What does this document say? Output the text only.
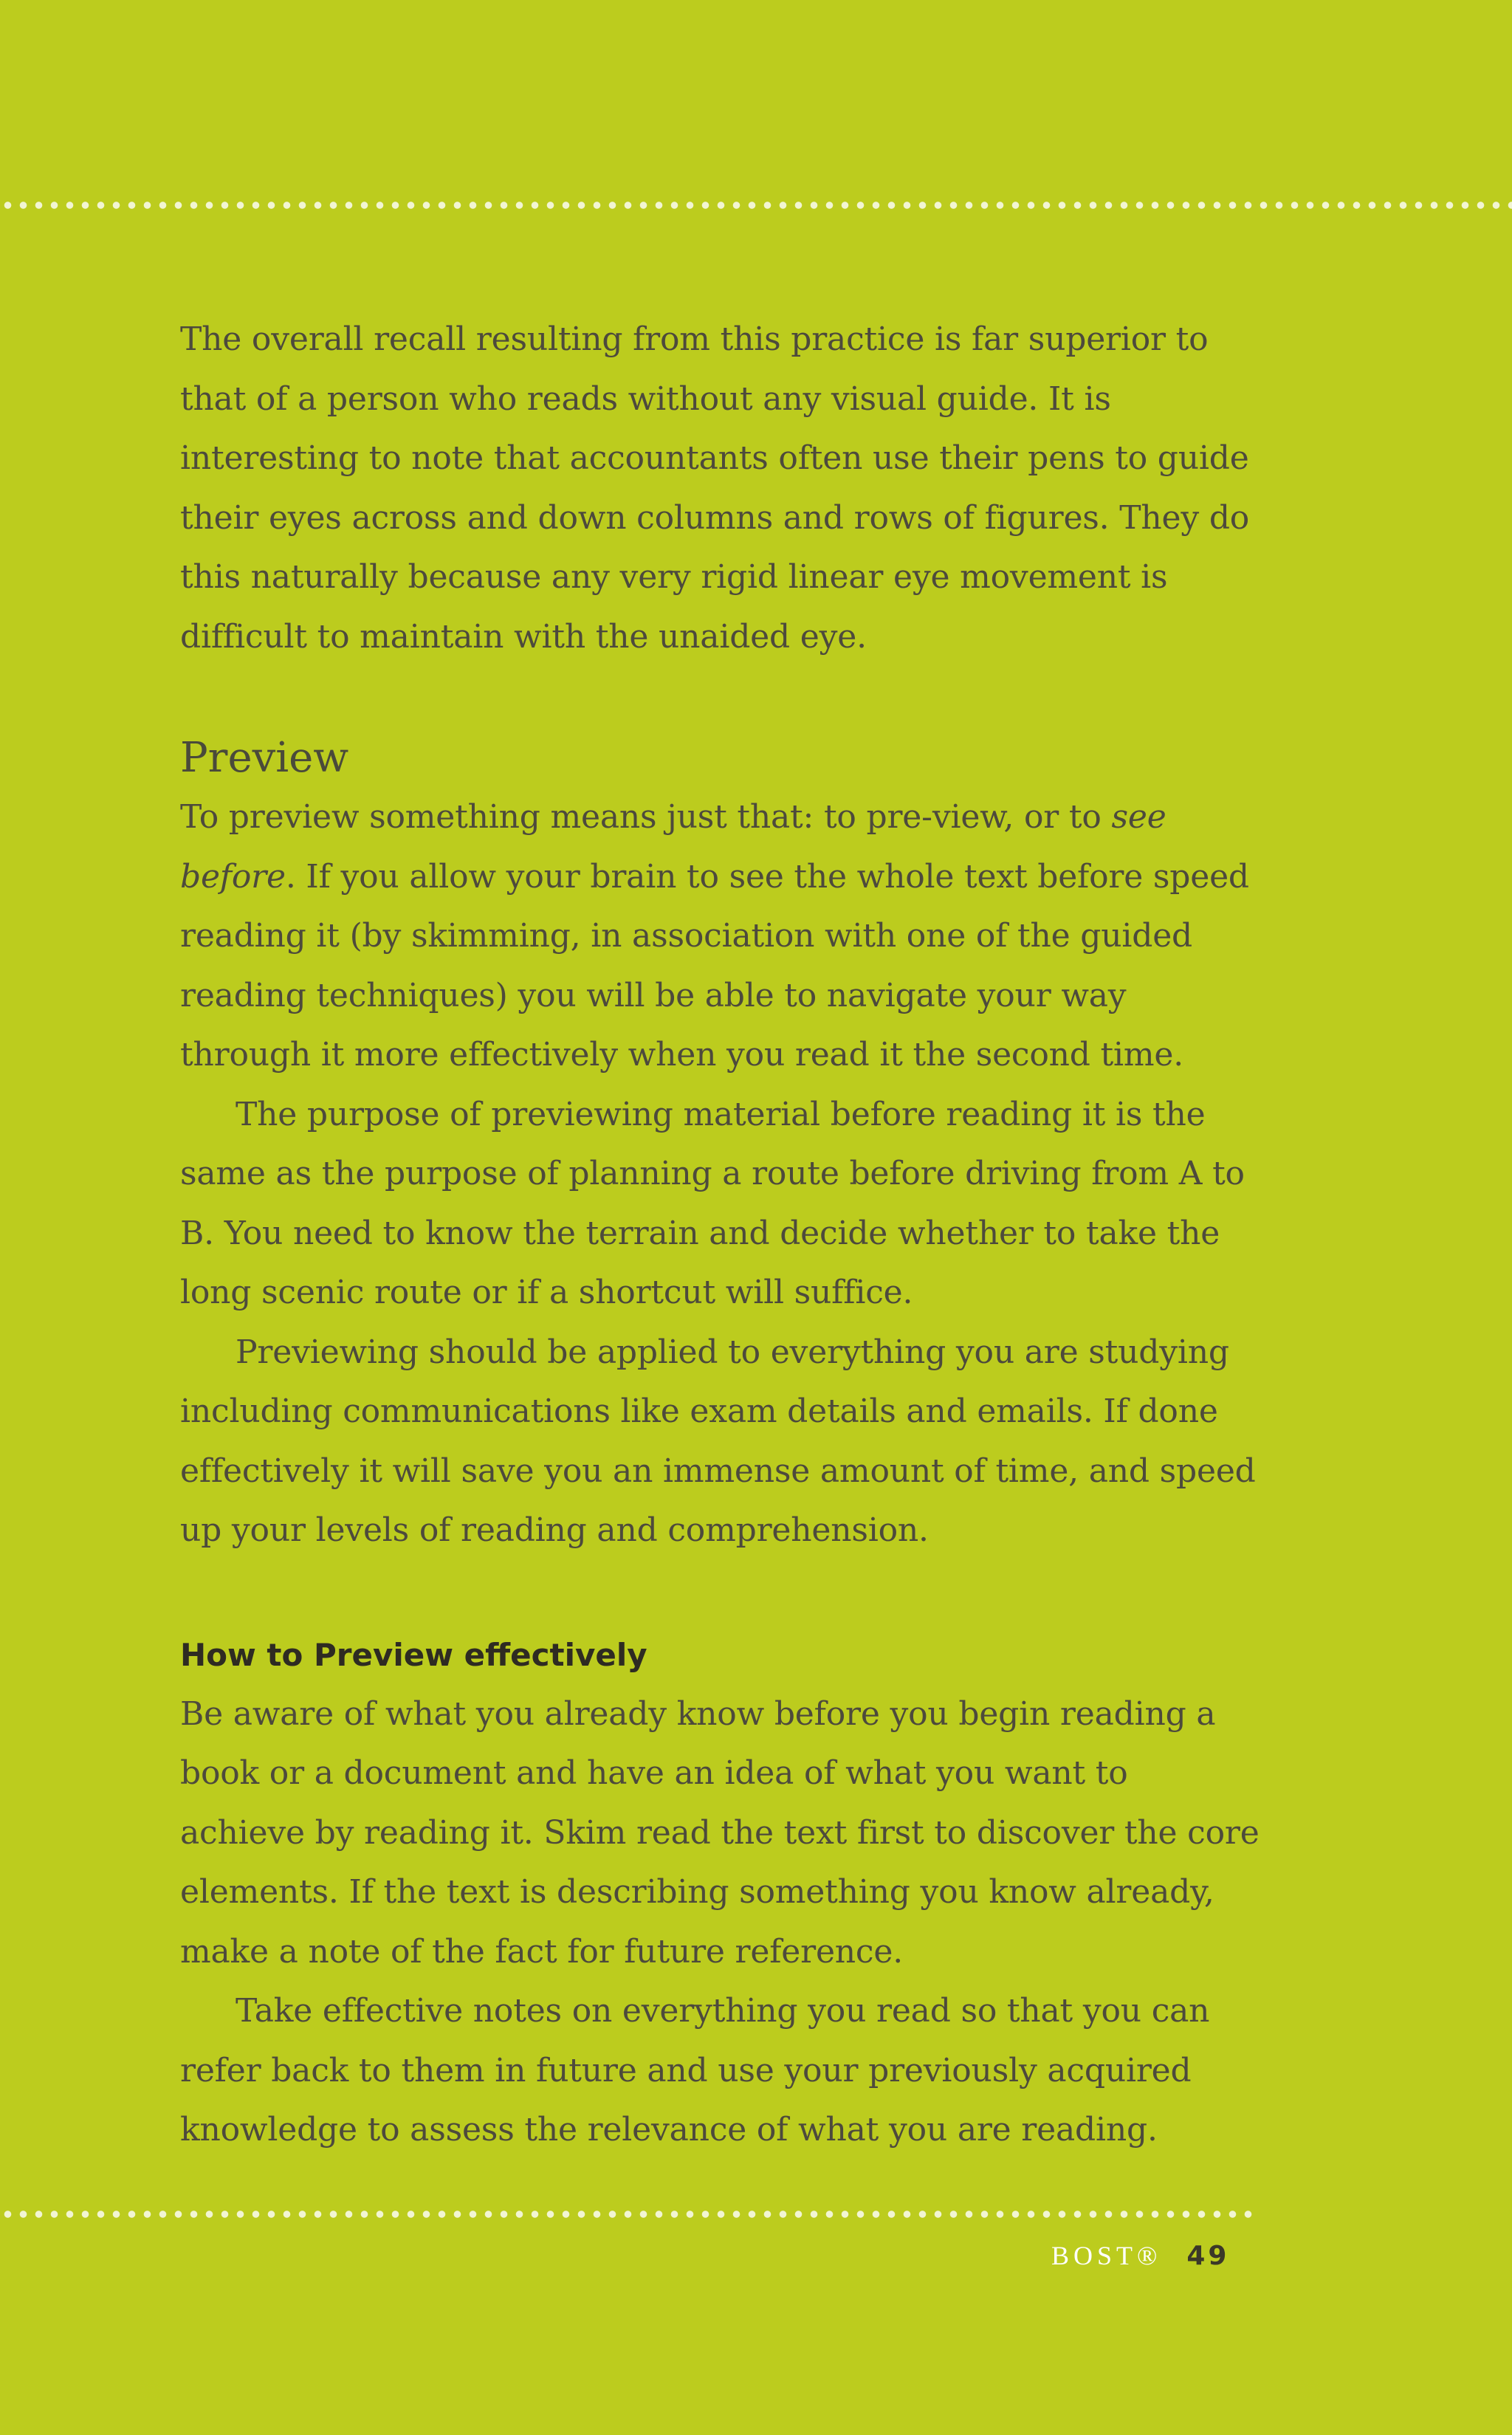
The overall recall resulting from this practice is far superior to that of a person who reads without any visual guide. It is interesting to note that accountants often use their pens to guide their eyes across and down columns and rows of figures. They do this naturally because any very rigid linear eye movement is difficult to maintain with the unaided eye.

Preview

To preview something means just that: to pre-view, or to see before. If you allow your brain to see the whole text before speed reading it (by skimming, in association with one of the guided reading techniques) you will be able to navigate your way through it more effectively when you read it the second time.

The purpose of previewing material before reading it is the same as the purpose of planning a route before driving from A to B. You need to know the terrain and decide whether to take the long scenic route or if a shortcut will suffice.

Previewing should be applied to everything you are studying including communications like exam details and emails. If done effectively it will save you an immense amount of time, and speed up your levels of reading and comprehension.

How to Preview effectively

Be aware of what you already know before you begin reading a book or a document and have an idea of what you want to achieve by reading it. Skim read the text first to discover the core elements. If the text is describing something you know already, make a note of the fact for future reference.

Take effective notes on everything you read so that you can refer back to them in future and use your previously acquired knowledge to assess the relevance of what you are reading.

BOST® 49
